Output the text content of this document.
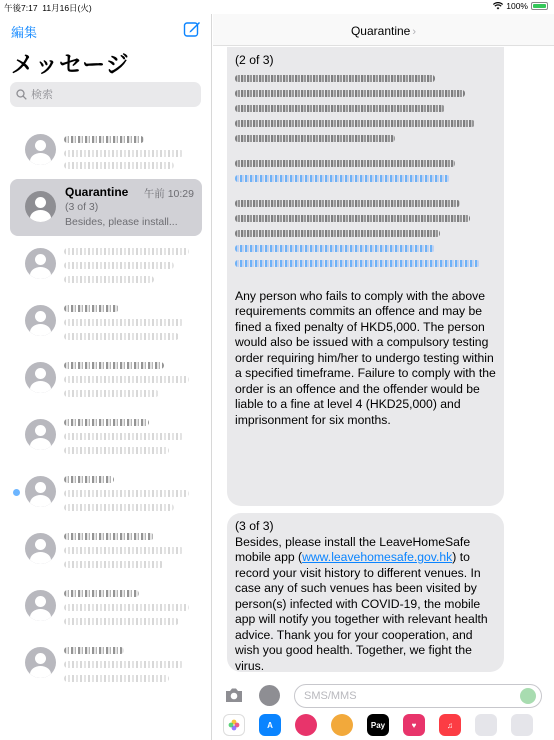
午後7:17 11月16日(火)	100%
編集
メッセージ
検索
Quarantine 午前 10:29
(3 of 3)
Besides, please install...
Quarantine ›

(2 of 3)

Any person who fails to comply with the above requirements commits an offence and may be fined a fixed penalty of HKD5,000. The person would also be issued with a compulsory testing order requiring him/her to undergo testing within a specified timeframe. Failure to comply with the order is an offence and the offender would be liable to a fine at level 4 (HKD25,000) and imprisonment for six months.

(3 of 3)

Besides, please install the LeaveHomeSafe mobile app (www.leavehomesafe.gov.hk) to record your visit history to different venues. In case any of such venues has been visited by person(s) infected with COVID-19, the mobile app will notify you together with relevant health advice. Thank you for your cooperation, and wish you good health. Together, we fight the virus.

SMS/MMS
A	Pay	♥	♫
